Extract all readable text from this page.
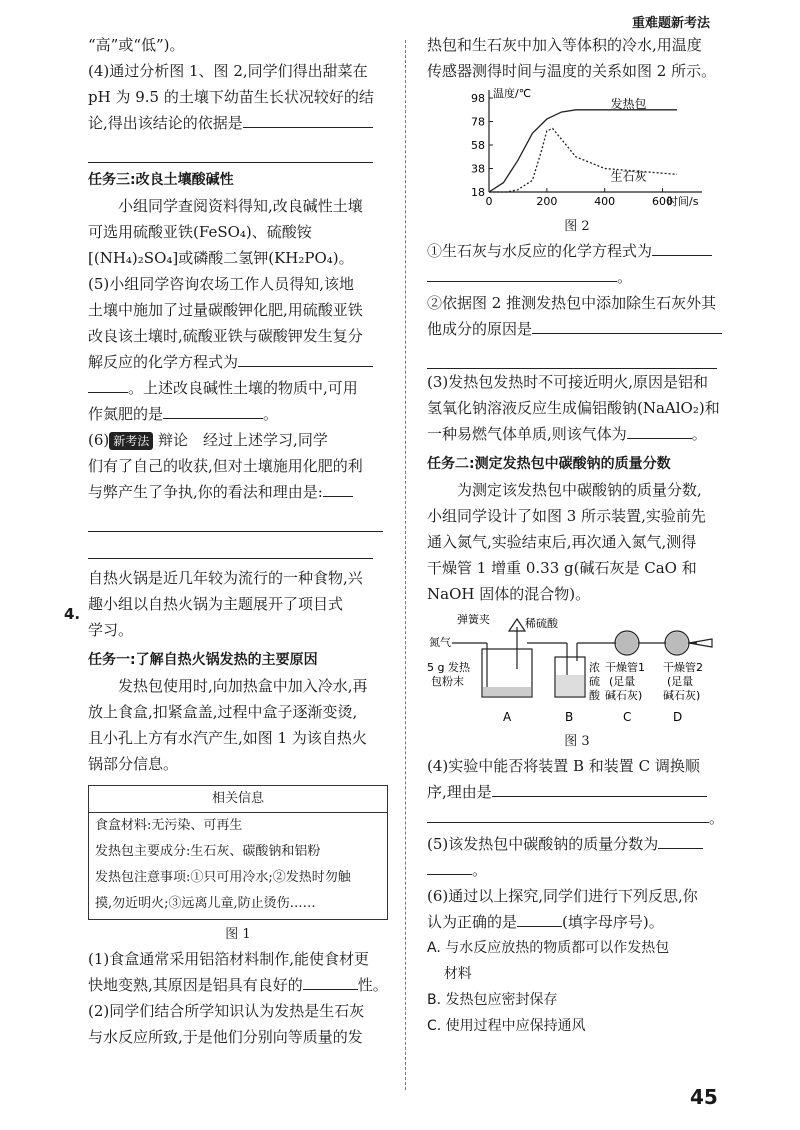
重难题新考法

“高”或“低”)。

(4)通过分析图 1、图 2,同学们得出甜菜在

pH 为 9.5 的土壤下幼苗生长状况较好的结

论,得出该结论的依据是

任务三:改良土壤酸碱性

小组同学查阅资料得知,改良碱性土壤

可选用硫酸亚铁(FeSO₄)、硫酸铵

[(NH₄)₂SO₄]或磷酸二氢钾(KH₂PO₄)。

(5)小组同学咨询农场工作人员得知,该地

土壤中施加了过量碳酸钾化肥,用硫酸亚铁

改良该土壤时,硫酸亚铁与碳酸钾发生复分

解反应的化学方程式为

。上述改良碱性土壤的物质中,可用

作氮肥的是	。

(6) 新考法 辩论　经过上述学习,同学

们有了自己的收获,但对土壤施用化肥的利

与弊产生了争执,你的看法和理由是:

自热火锅是近几年较为流行的一种食物,兴

趣小组以自热火锅为主题展开了项目式

学习。

任务一:了解自热火锅发热的主要原因

发热包使用时,向加热盒中加入冷水,再

放上食盒,扣紧盒盖,过程中盒子逐渐变烫,

且小孔上方有水汽产生,如图 1 为该自热火

锅部分信息。

相关信息
食盒材料:无污染、可再生
发热包主要成分:生石灰、碳酸钠和铝粉
发热包注意事项:①只可用冷水;②发热时勿触
摸,勿近明火;③远离儿童,防止烫伤……

图 1

(1)食盒通常采用铝箔材料制作,能使食材更

快地变熟,其原因是铝具有良好的	性。

(2)同学们结合所学知识认为发热是生石灰

与水反应所致,于是他们分别向等质量的发

4.

热包和生石灰中加入等体积的冷水,用温度

传感器测得时间与温度的关系如图 2 所示。

18
38
58
78
98
0	200	400	600
温度/℃
时间/s
发热包
生石灰

图 2

①生石灰与水反应的化学方程式为

。

②依据图 2 推测发热包中添加除生石灰外其

他成分的原因是

(3)发热包发热时不可接近明火,原因是铝和

氢氧化钠溶液反应生成偏铝酸钠(NaAlO₂)和

一种易燃气体单质,则该气体为	。

任务二:测定发热包中碳酸钠的质量分数

为测定该发热包中碳酸钠的质量分数,

小组同学设计了如图 3 所示装置,实验前先

通入氮气,实验结束后,再次通入氮气,测得

干燥管 1 增重 0.33 g(碱石灰是 CaO 和

NaOH 固体的混合物)。

氮气
弹簧夹	稀硫酸
5 g 发热
包粉末
浓
硫
酸
干燥管1
(足量
碱石灰)
干燥管2
(足量
碱石灰)
A	B	C	D

图 3

(4)实验中能否将装置 B 和装置 C 调换顺

序,理由是

。

(5)该发热包中碳酸钠的质量分数为

。

(6)通过以上探究,同学们进行下列反思,你

认为正确的是	(填字母序号)。

A. 与水反应放热的物质都可以作发热包

材料

B. 发热包应密封保存

C. 使用过程中应保持通风

45
